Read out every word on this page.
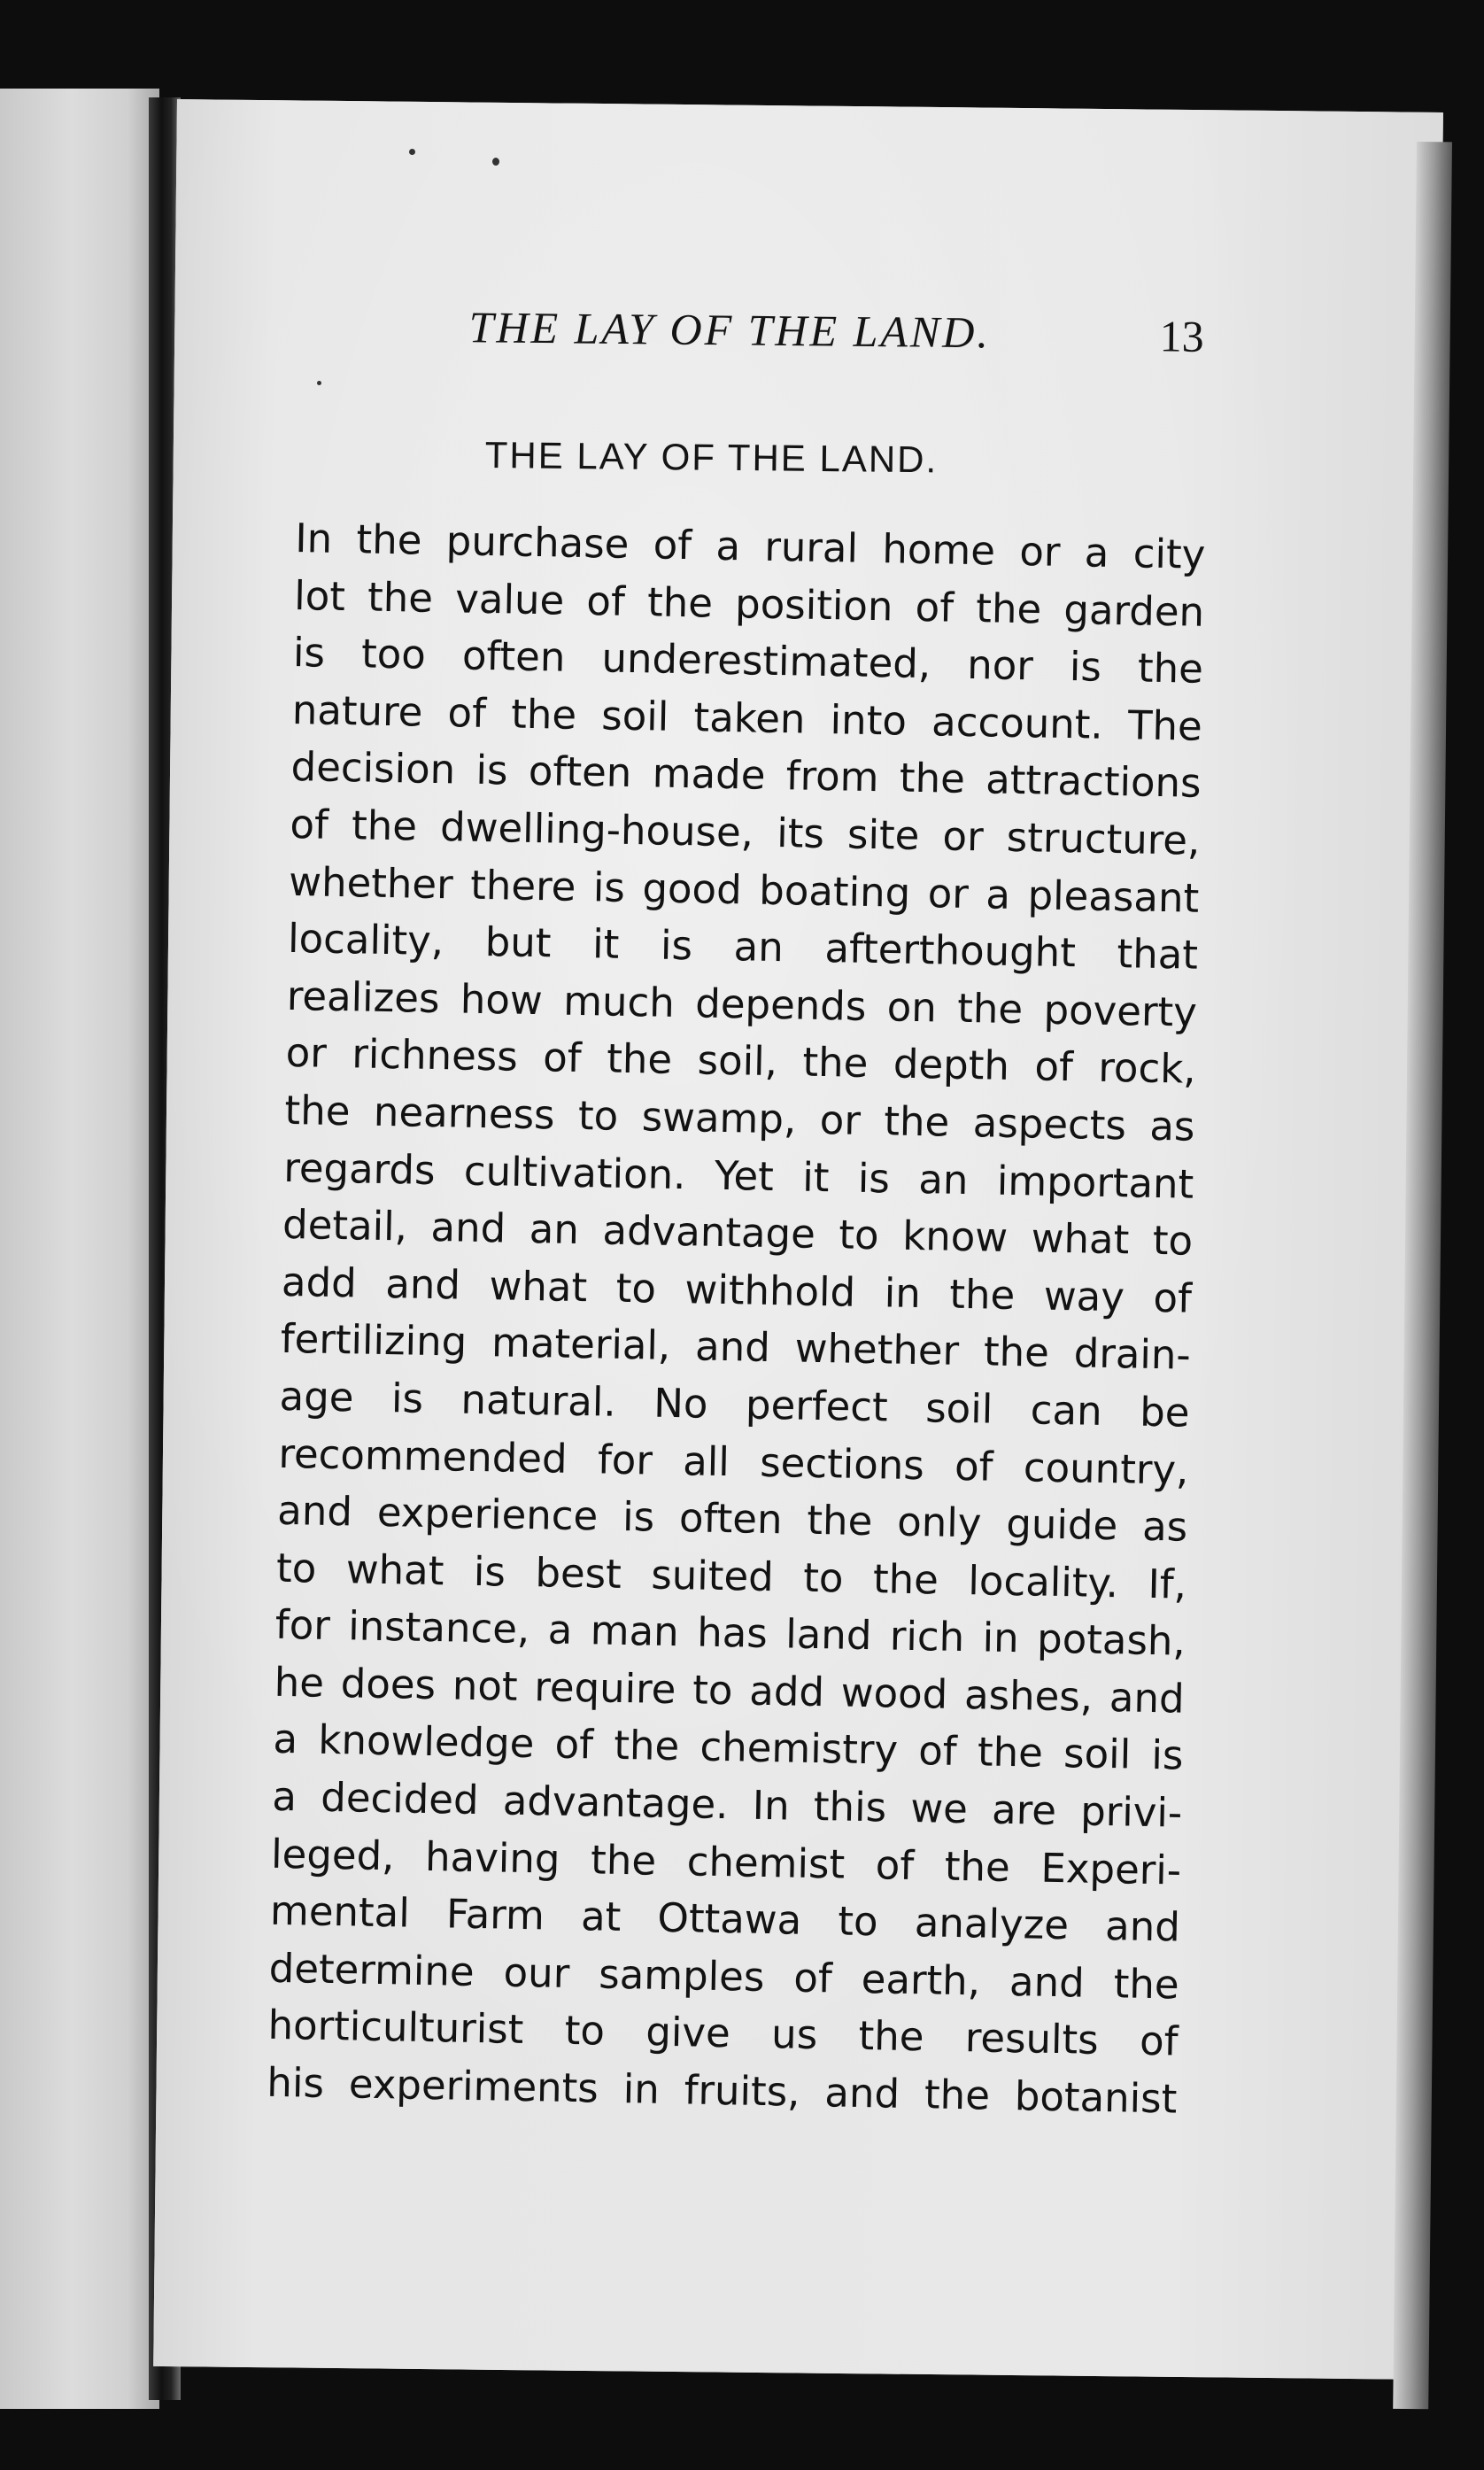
THE LAY OF THE LAND.	13
THE LAY OF THE LAND.
In the purchase of a rural home or a city
lot the value of the position of the garden
is too often underestimated, nor is the
nature of the soil taken into account. The
decision is often made from the attractions
of the dwelling-house, its site or structure,
whether there is good boating or a pleasant
locality, but it is an afterthought that
realizes how much depends on the poverty
or richness of the soil, the depth of rock,
the nearness to swamp, or the aspects as
regards cultivation. Yet it is an important
detail, and an advantage to know what to
add and what to withhold in the way of
fertilizing material, and whether the drain-
age is natural. No perfect soil can be
recommended for all sections of country,
and experience is often the only guide as
to what is best suited to the locality. If,
for instance, a man has land rich in potash,
he does not require to add wood ashes, and
a knowledge of the chemistry of the soil is
a decided advantage. In this we are privi-
leged, having the chemist of the Experi-
mental Farm at Ottawa to analyze and
determine our samples of earth, and the
horticulturist to give us the results of
his experiments in fruits, and the botanist
